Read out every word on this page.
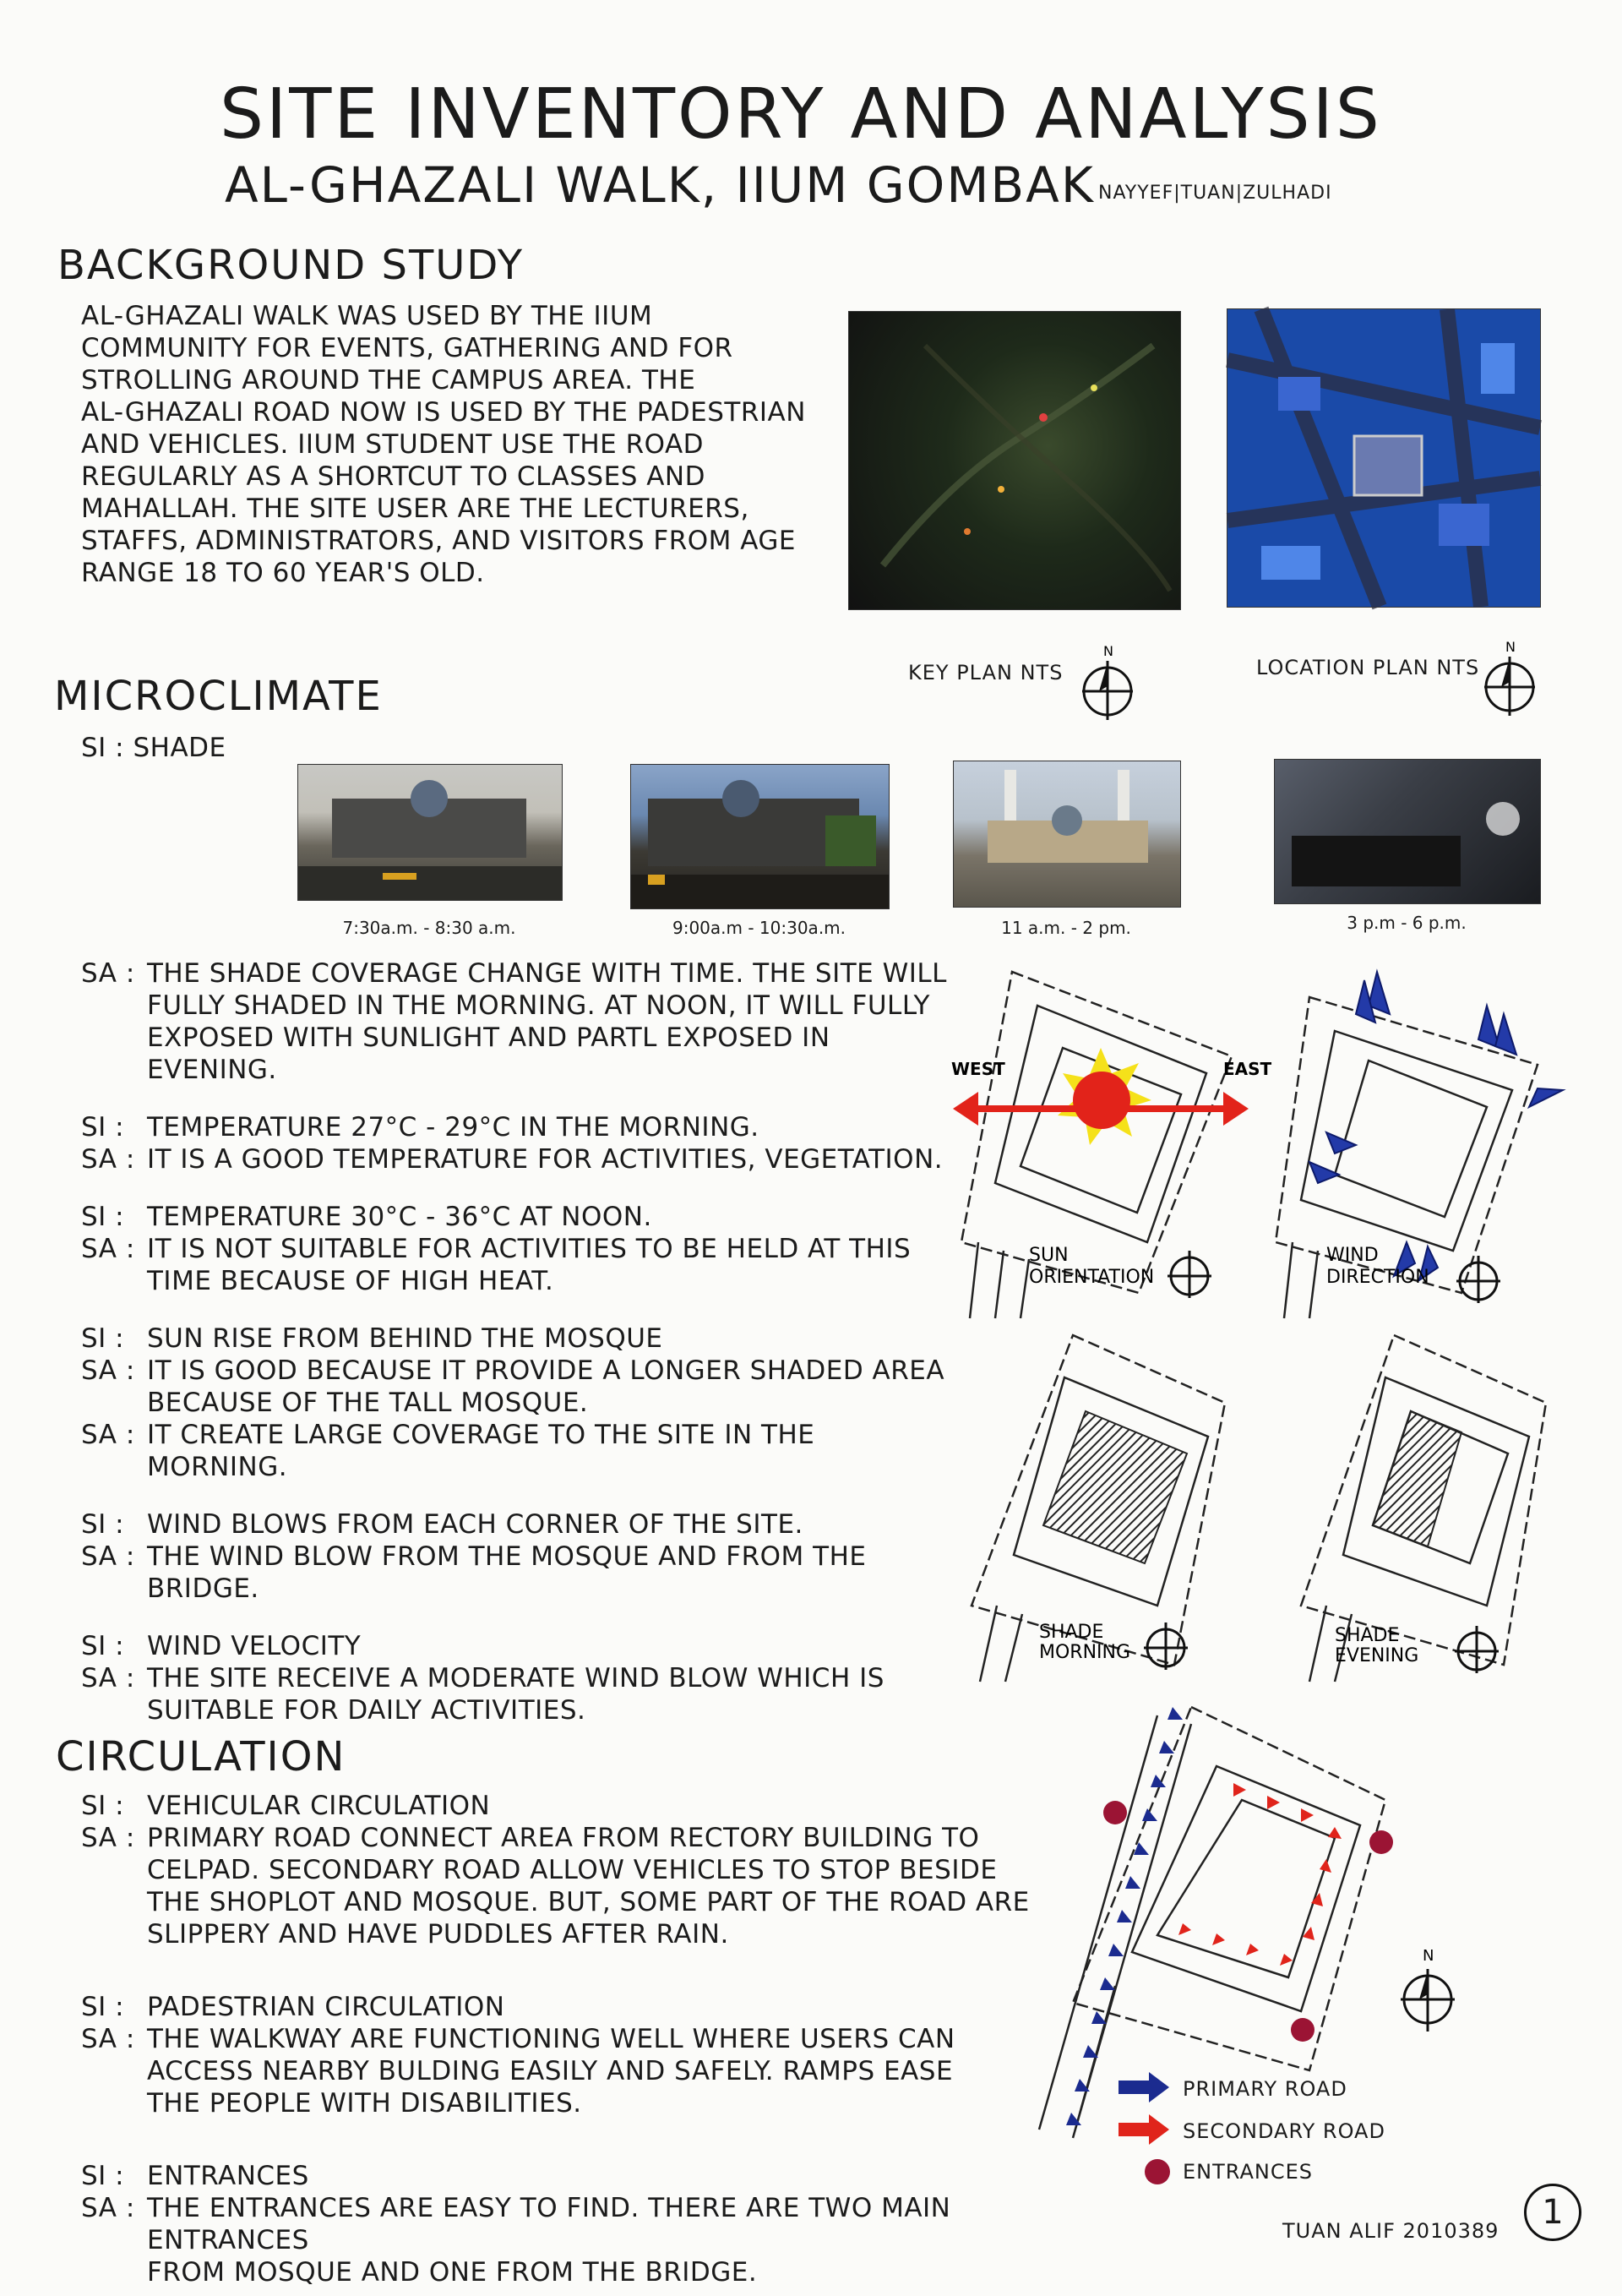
SITE INVENTORY AND ANALYSIS
AL-GHAZALI WALK, IIUM GOMBAK NAYYEF|TUAN|ZULHADI
BACKGROUND STUDY
AL-GHAZALI WALK WAS USED BY THE IIUM
COMMUNITY FOR EVENTS, GATHERING AND FOR
STROLLING AROUND THE CAMPUS AREA. THE
AL-GHAZALI ROAD NOW IS USED BY THE PADESTRIAN
AND VEHICLES. IIUM STUDENT USE THE ROAD
REGULARLY AS A SHORTCUT TO CLASSES AND
MAHALLAH. THE SITE USER ARE THE LECTURERS,
STAFFS, ADMINISTRATORS, AND VISITORS FROM AGE
RANGE 18 TO 60 YEAR'S OLD.
KEY PLAN NTS	LOCATION PLAN NTS
N	N
MICROCLIMATE
SI : SHADE
7:30a.m. - 8:30 a.m.	9:00a.m - 10:30a.m.	11 a.m. - 2 pm.	3 p.m - 6 p.m.
SA : THE SHADE COVERAGE CHANGE WITH TIME. THE SITE WILL
FULLY SHADED IN THE MORNING. AT NOON, IT WILL FULLY
EXPOSED WITH SUNLIGHT AND PARTL EXPOSED IN EVENING.
SI : TEMPERATURE 27°C - 29°C IN THE MORNING.
SA : IT IS A GOOD TEMPERATURE FOR ACTIVITIES, VEGETATION.
SI : TEMPERATURE 30°C - 36°C AT NOON.
SA : IT IS NOT SUITABLE FOR ACTIVITIES TO BE HELD AT THIS
TIME BECAUSE OF HIGH HEAT.
SI : SUN RISE FROM BEHIND THE MOSQUE
SA : IT IS GOOD BECAUSE IT PROVIDE A LONGER SHADED AREA
BECAUSE OF THE TALL MOSQUE.
SA : IT CREATE LARGE COVERAGE TO THE SITE IN THE MORNING.
SI : WIND BLOWS FROM EACH CORNER OF THE SITE.
SA : THE WIND BLOW FROM THE MOSQUE AND FROM THE BRIDGE.
SI : WIND VELOCITY
SA : THE SITE RECEIVE A MODERATE WIND BLOW WHICH IS
SUITABLE FOR DAILY ACTIVITIES.
WEST	EAST
SUN
ORIENTATION
WIND
DIRECTION
SHADE
MORNING
SHADE
EVENING
CIRCULATION
SI : VEHICULAR CIRCULATION
SA : PRIMARY ROAD CONNECT AREA FROM RECTORY BUILDING TO
CELPAD. SECONDARY ROAD ALLOW VEHICLES TO STOP BESIDE
THE SHOPLOT AND MOSQUE. BUT, SOME PART OF THE ROAD ARE
SLIPPERY AND HAVE PUDDLES AFTER RAIN.
SI : PADESTRIAN CIRCULATION
SA : THE WALKWAY ARE FUNCTIONING WELL WHERE USERS CAN
ACCESS NEARBY BULDING EASILY AND SAFELY. RAMPS EASE
THE PEOPLE WITH DISABILITIES.
SI : ENTRANCES
SA : THE ENTRANCES ARE EASY TO FIND. THERE ARE TWO MAIN ENTRANCES
FROM MOSQUE AND ONE FROM THE BRIDGE.
N
PRIMARY ROAD
SECONDARY ROAD
ENTRANCES
TUAN ALIF 2010389	1
